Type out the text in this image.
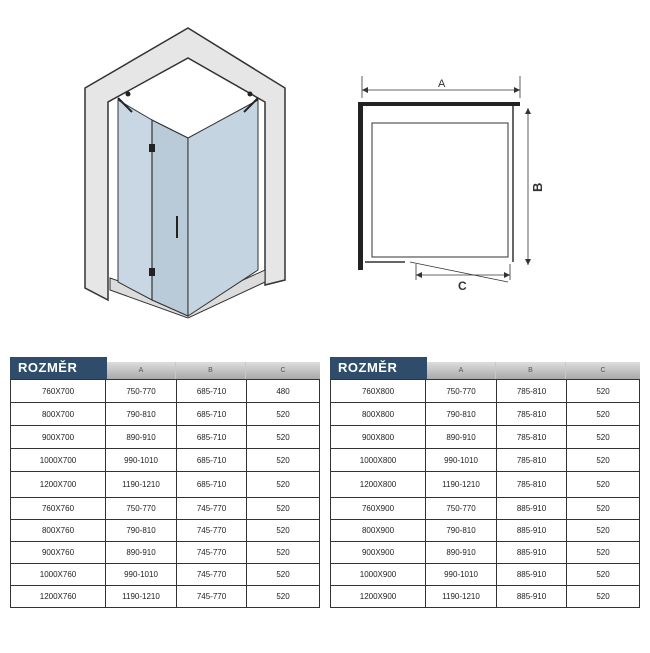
A
B
C
ROZMĚR	A	B	C
760X700	750-770	685-710	480
800X700	790-810	685-710	520
900X700	890-910	685-710	520
1000X700	990-1010	685-710	520
1200X700	1190-1210	685-710	520
760X760	750-770	745-770	520
800X760	790-810	745-770	520
900X760	890-910	745-770	520
1000X760	990-1010	745-770	520
1200X760	1190-1210	745-770	520
ROZMĚR	A	B	C
760X800	750-770	785-810	520
800X800	790-810	785-810	520
900X800	890-910	785-810	520
1000X800	990-1010	785-810	520
1200X800	1190-1210	785-810	520
760X900	750-770	885-910	520
800X900	790-810	885-910	520
900X900	890-910	885-910	520
1000X900	990-1010	885-910	520
1200X900	1190-1210	885-910	520
